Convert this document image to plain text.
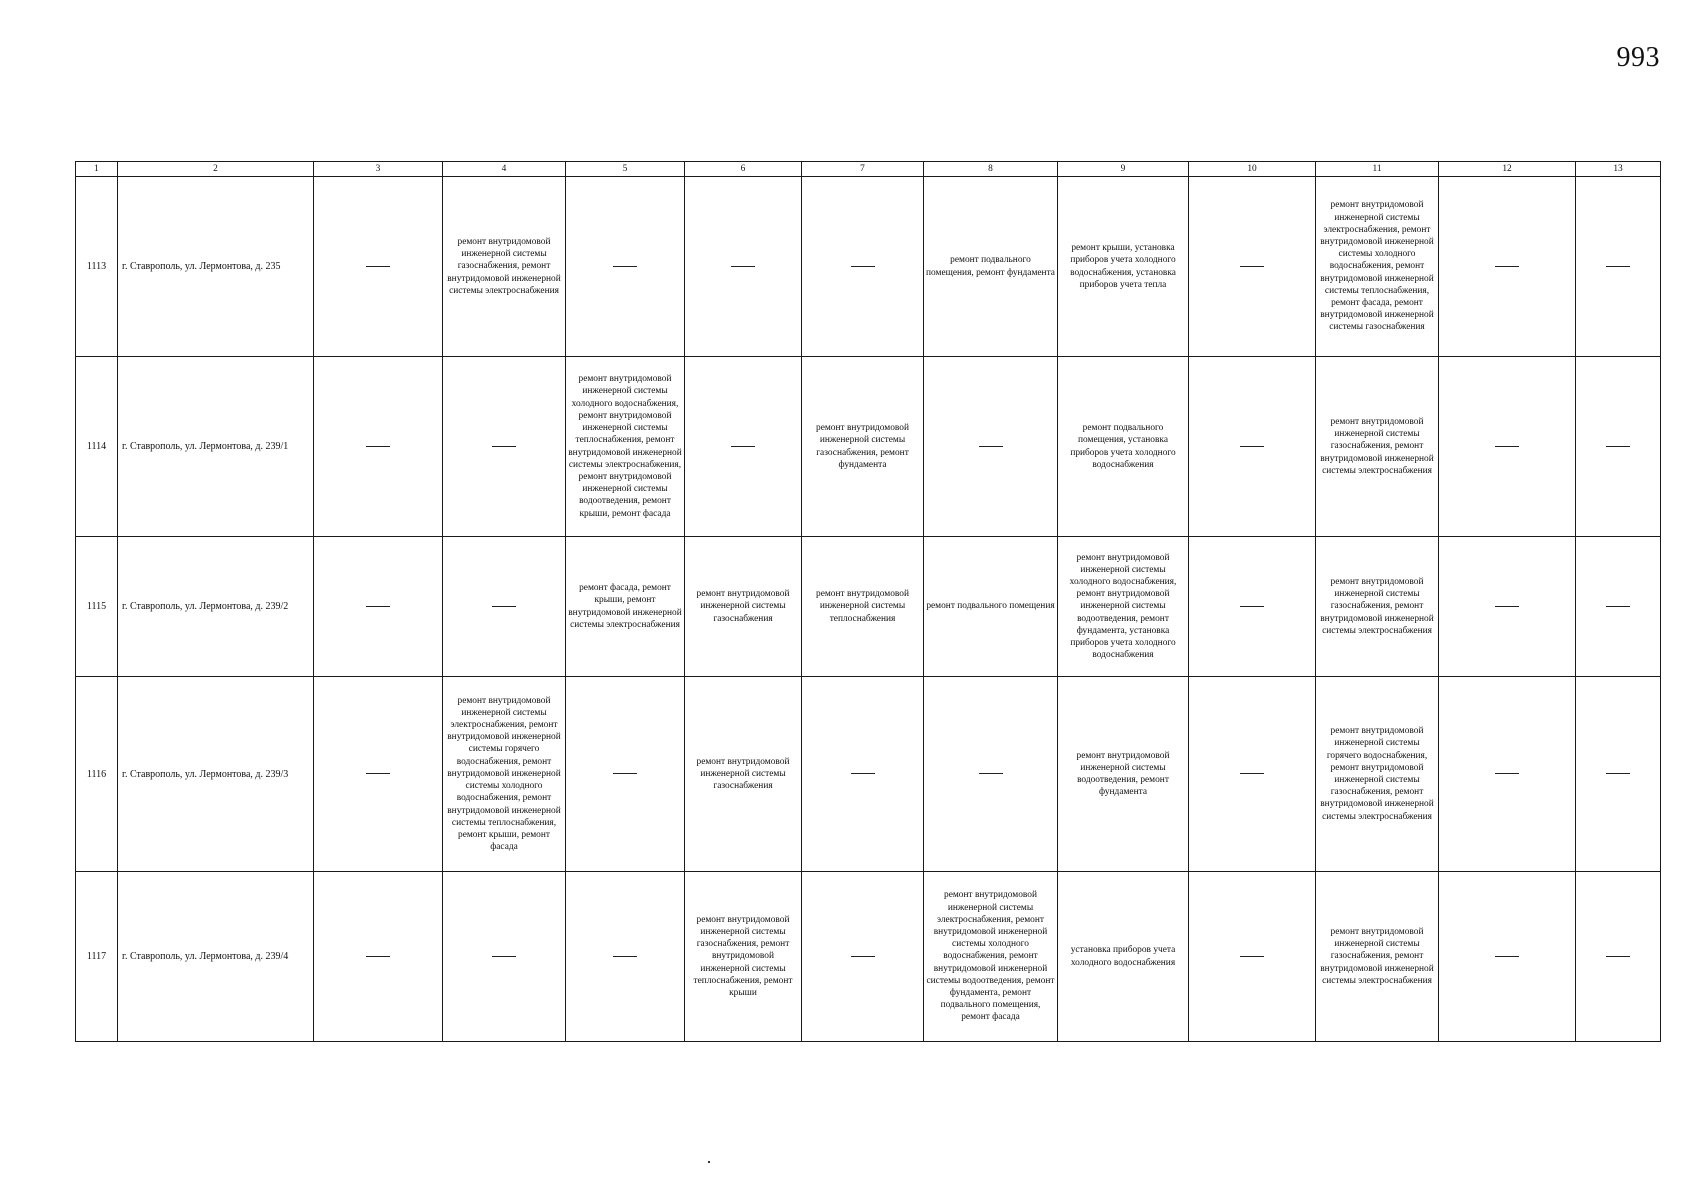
993
1	2	3	4	5	6	7	8	9	10	11	12	13
1113	г. Ставрополь, ул. Лермонтова, д. 235		ремонт внутридомовой инженерной системы газоснабжения, ремонт внутридомовой инженерной системы электроснабжения				ремонт подвального помещения, ремонт фундамента	ремонт крыши, установка приборов учета холодного водоснабжения, установка приборов учета тепла		ремонт внутридомовой инженерной системы электроснабжения, ремонт внутридомовой инженерной системы холодного водоснабжения, ремонт внутридомовой инженерной системы теплоснабжения, ремонт фасада, ремонт внутридомовой инженерной системы газоснабжения		
1114	г. Ставрополь, ул. Лермонтова, д. 239/1			ремонт внутридомовой инженерной системы холодного водоснабжения, ремонт внутридомовой инженерной системы теплоснабжения, ремонт внутридомовой инженерной системы электроснабжения, ремонт внутридомовой инженерной системы водоотведения, ремонт крыши, ремонт фасада		ремонт внутридомовой инженерной системы газоснабжения, ремонт фундамента		ремонт подвального помещения, установка приборов учета холодного водоснабжения		ремонт внутридомовой инженерной системы газоснабжения, ремонт внутридомовой инженерной системы электроснабжения		
1115	г. Ставрополь, ул. Лермонтова, д. 239/2			ремонт фасада, ремонт крыши, ремонт внутридомовой инженерной системы электроснабжения	ремонт внутридомовой инженерной системы газоснабжения	ремонт внутридомовой инженерной системы теплоснабжения	ремонт подвального помещения	ремонт внутридомовой инженерной системы холодного водоснабжения, ремонт внутридомовой инженерной системы водоотведения, ремонт фундамента, установка приборов учета холодного водоснабжения		ремонт внутридомовой инженерной системы газоснабжения, ремонт внутридомовой инженерной системы электроснабжения		
1116	г. Ставрополь, ул. Лермонтова, д. 239/3		ремонт внутридомовой инженерной системы электроснабжения, ремонт внутридомовой инженерной системы горячего водоснабжения, ремонт внутридомовой инженерной системы холодного водоснабжения, ремонт внутридомовой инженерной системы теплоснабжения, ремонт крыши, ремонт фасада		ремонт внутридомовой инженерной системы газоснабжения			ремонт внутридомовой инженерной системы водоотведения, ремонт фундамента		ремонт внутридомовой инженерной системы горячего водоснабжения, ремонт внутридомовой инженерной системы газоснабжения, ремонт внутридомовой инженерной системы электроснабжения		
1117	г. Ставрополь, ул. Лермонтова, д. 239/4				ремонт внутридомовой инженерной системы газоснабжения, ремонт внутридомовой инженерной системы теплоснабжения, ремонт крыши		ремонт внутридомовой инженерной системы электроснабжения, ремонт внутридомовой инженерной системы холодного водоснабжения, ремонт внутридомовой инженерной системы водоотведения, ремонт фундамента, ремонт подвального помещения, ремонт фасада	установка приборов учета холодного водоснабжения		ремонт внутридомовой инженерной системы газоснабжения, ремонт внутридомовой инженерной системы электроснабжения		
